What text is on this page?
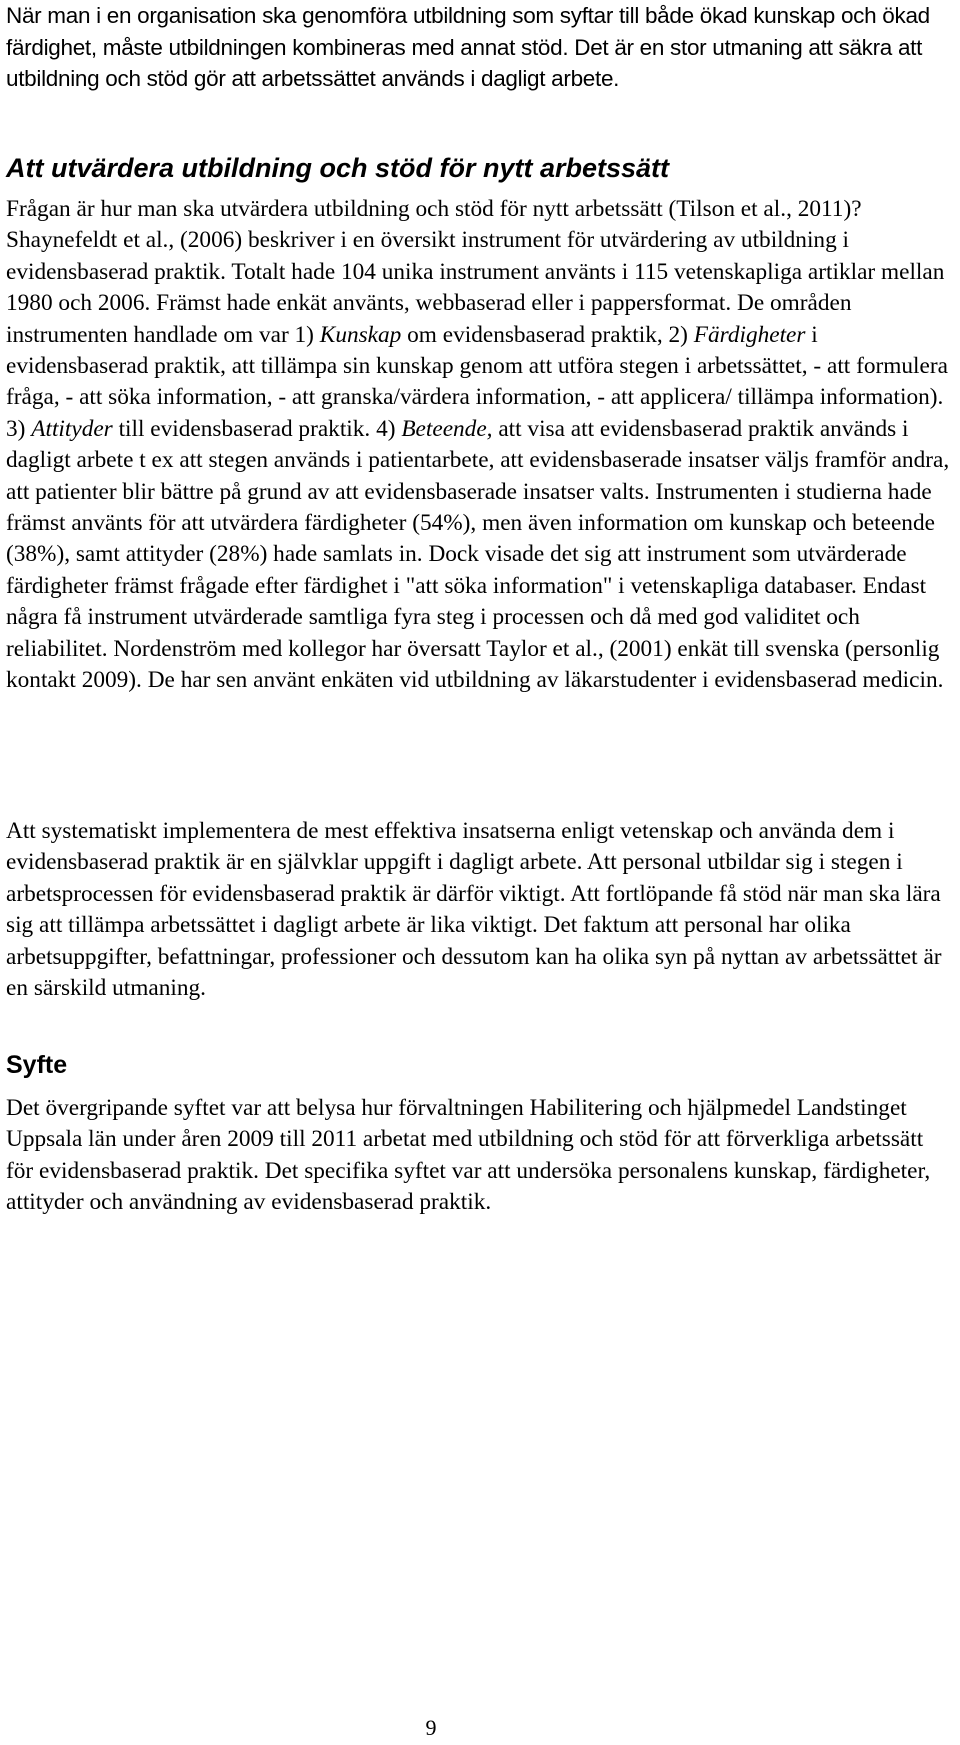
När man i en organisation ska genomföra utbildning som syftar till både ökad kunskap och ökad färdighet, måste utbildningen kombineras med annat stöd. Det är en stor utmaning att säkra att utbildning och stöd gör att arbetssättet används i dagligt arbete.

Att utvärdera utbildning och stöd för nytt arbetssätt

Frågan är hur man ska utvärdera utbildning och stöd för nytt arbetssätt (Tilson et al., 2011)? Shaynefeldt et al., (2006) beskriver i en översikt instrument för utvärdering av utbildning i evidensbaserad praktik. Totalt hade 104 unika instrument använts i 115 vetenskapliga artiklar mellan 1980 och 2006. Främst hade enkät använts, webbaserad eller i pappersformat. De områden instrumenten handlade om var 1) Kunskap om evidensbaserad praktik, 2) Färdigheter i evidensbaserad praktik, att tillämpa sin kunskap genom att utföra stegen i arbetssättet, - att formulera fråga, - att söka information, - att granska/värdera information, - att applicera/ tillämpa information). 3) Attityder till evidensbaserad praktik. 4) Beteende, att visa att evidensbaserad praktik används i dagligt arbete t ex att stegen används i patientarbete, att evidensbaserade insatser väljs framför andra, att patienter blir bättre på grund av att evidensbaserade insatser valts. Instrumenten i studierna hade främst använts för att utvärdera färdigheter (54%), men även information om kunskap och beteende (38%), samt attityder (28%) hade samlats in. Dock visade det sig att instrument som utvärderade färdigheter främst frågade efter färdighet i "att söka information" i vetenskapliga databaser. Endast några få instrument utvärderade samtliga fyra steg i processen och då med god validitet och reliabilitet. Nordenström med kollegor har översatt Taylor et al., (2001) enkät till svenska (personlig kontakt 2009). De har sen använt enkäten vid utbildning av läkarstudenter i evidensbaserad medicin.

Att systematiskt implementera de mest effektiva insatserna enligt vetenskap och använda dem i evidensbaserad praktik är en självklar uppgift i dagligt arbete. Att personal utbildar sig i stegen i arbetsprocessen för evidensbaserad praktik är därför viktigt. Att fortlöpande få stöd när man ska lära sig att tillämpa arbetssättet i dagligt arbete är lika viktigt. Det faktum att personal har olika arbetsuppgifter, befattningar, professioner och dessutom kan ha olika syn på nyttan av arbetssättet är en särskild utmaning.

Syfte

Det övergripande syftet var att belysa hur förvaltningen Habilitering och hjälpmedel Landstinget Uppsala län under åren 2009 till 2011 arbetat med utbildning och stöd för att förverkliga arbetssätt för evidensbaserad praktik. Det specifika syftet var att undersöka personalens kunskap, färdigheter, attityder och användning av evidensbaserad praktik.

9
